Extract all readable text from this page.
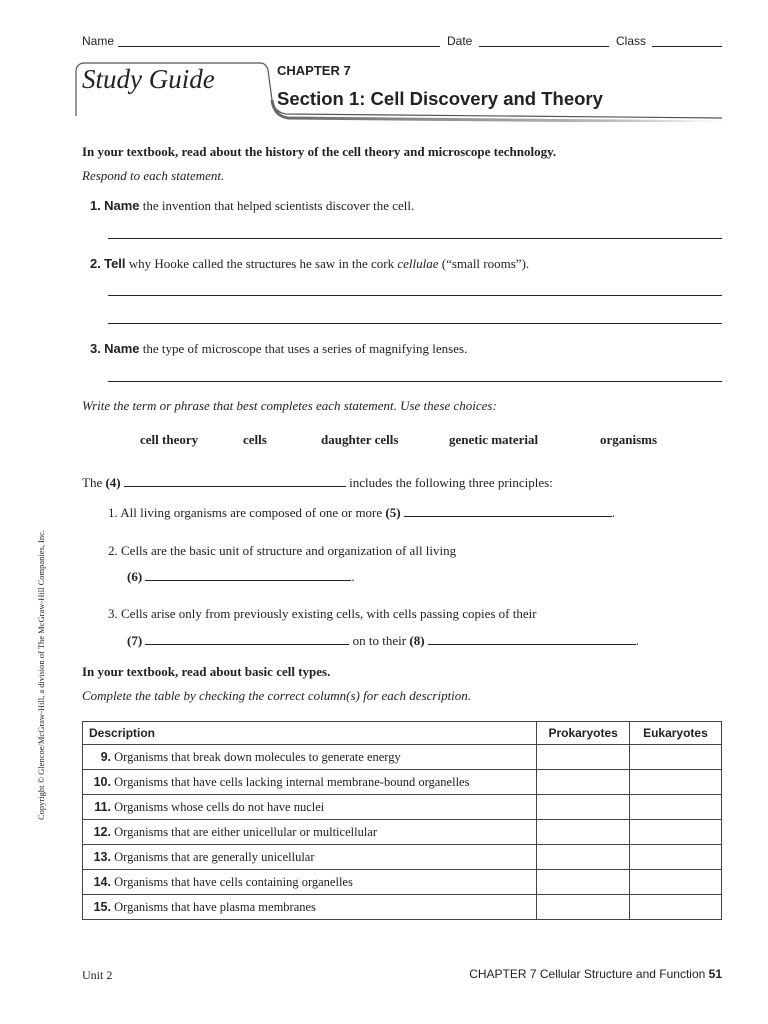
Name	Date	Class
Study Guide	CHAPTER 7
Section 1: Cell Discovery and Theory
In your textbook, read about the history of the cell theory and microscope technology.
Respond to each statement.
1. Name the invention that helped scientists discover the cell.
2. Tell why Hooke called the structures he saw in the cork cellulae (“small rooms”).
3. Name the type of microscope that uses a series of magnifying lenses.
Write the term or phrase that best completes each statement. Use these choices:
cell theory	cells	daughter cells	genetic material	organisms
The (4)	includes the following three principles:
1. All living organisms are composed of one or more (5)	.
2. Cells are the basic unit of structure and organization of all living
(6)	.
3. Cells arise only from previously existing cells, with cells passing copies of their
(7)	on to their (8)	.
In your textbook, read about basic cell types.
Complete the table by checking the correct column(s) for each description.
Description	Prokaryotes	Eukaryotes
9. Organisms that break down molecules to generate energy		
10. Organisms that have cells lacking internal membrane-bound organelles		
11. Organisms whose cells do not have nuclei		
12. Organisms that are either unicellular or multicellular		
13. Organisms that are generally unicellular		
14. Organisms that have cells containing organelles		
15. Organisms that have plasma membranes		
Copyright © Glencoe/McGraw-Hill, a division of The McGraw-Hill Companies, Inc.
Unit 2	CHAPTER 7 Cellular Structure and Function 51
